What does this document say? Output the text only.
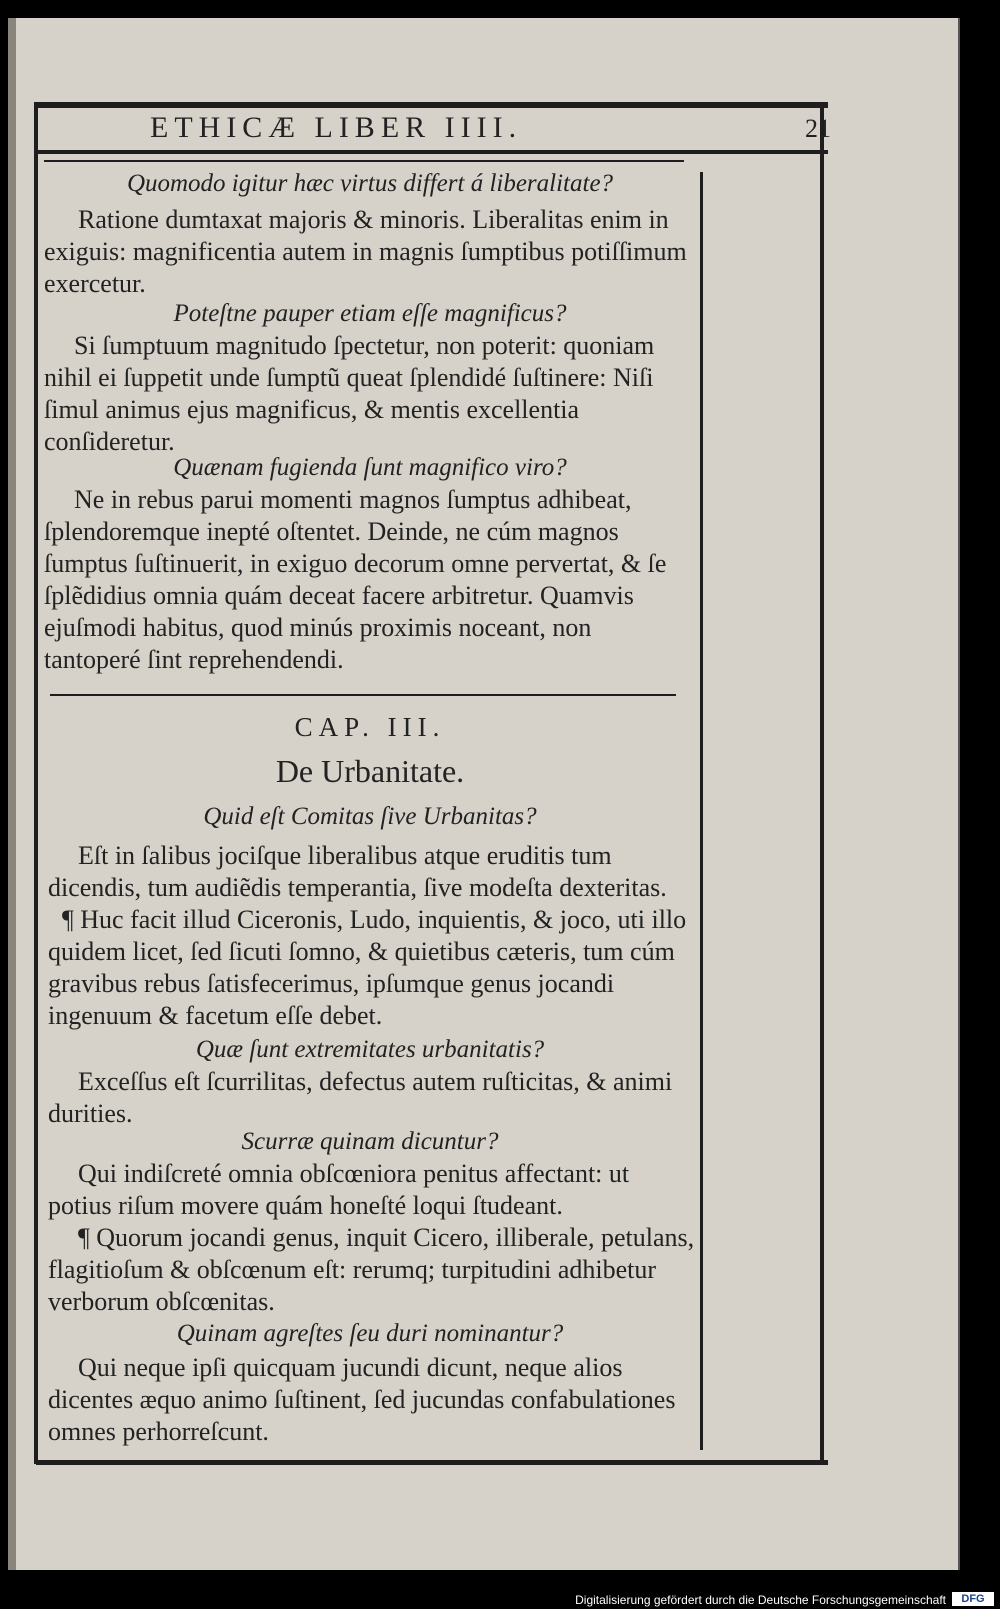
ETHICÆ LIBER IIII.	21

Quomodo igitur hæc virtus differt á liberalitate?

Ratione dumtaxat majoris & minoris. Liberalitas enim in exiguis: magnificentia autem in magnis ſumptibus potiſſimum exercetur.

Poteſtne pauper etiam eſſe magnificus?

Si ſumptuum magnitudo ſpectetur, non poterit: quoniam nihil ei ſuppetit unde ſumptũ queat ſplendidé ſuſtinere: Niſi ſimul animus ejus magnificus, & mentis excellentia conſideretur.

Quænam fugienda ſunt magnifico viro?

Ne in rebus parui momenti magnos ſumptus adhibeat, ſplendoremque inepté oſtentet. Deinde, ne cúm magnos ſumptus ſuſtinuerit, in exiguo decorum omne pervertat, & ſe ſplẽdidius omnia quám deceat facere arbitretur. Quamvis ejuſmodi habitus, quod minús proximis noceant, non tantoperé ſint reprehendendi.

CAP. III.

De Urbanitate.

Quid eſt Comitas ſive Urbanitas?

Eſt in ſalibus jociſque liberalibus atque eruditis tum dicendis, tum audiẽdis temperantia, ſive modeſta dexteritas.

¶ Huc facit illud Ciceronis, Ludo, inquientis, & joco, uti illo quidem licet, ſed ſicuti ſomno, & quietibus cæteris, tum cúm gravibus rebus ſatisfecerimus, ipſumque genus jocandi ingenuum & facetum eſſe debet.

Quæ ſunt extremitates urbanitatis?

Exceſſus eſt ſcurrilitas, defectus autem ruſticitas, & animi durities.

Scurræ quinam dicuntur?

Qui indiſcreté omnia obſcœniora penitus affectant: ut potius riſum movere quám honeſté loqui ſtudeant.

¶ Quorum jocandi genus, inquit Cicero, illiberale, petulans, flagitioſum & obſcœnum eſt: rerumq; turpitudini adhibetur verborum obſcœnitas.

Quinam agreſtes ſeu duri nominantur?

Qui neque ipſi quicquam jucundi dicunt, neque alios dicentes æquo animo ſuſtinent, ſed jucundas confabulationes omnes perhorreſcunt.

Digitalisierung gefördert durch die Deutsche Forschungsgemeinschaft	DFG
